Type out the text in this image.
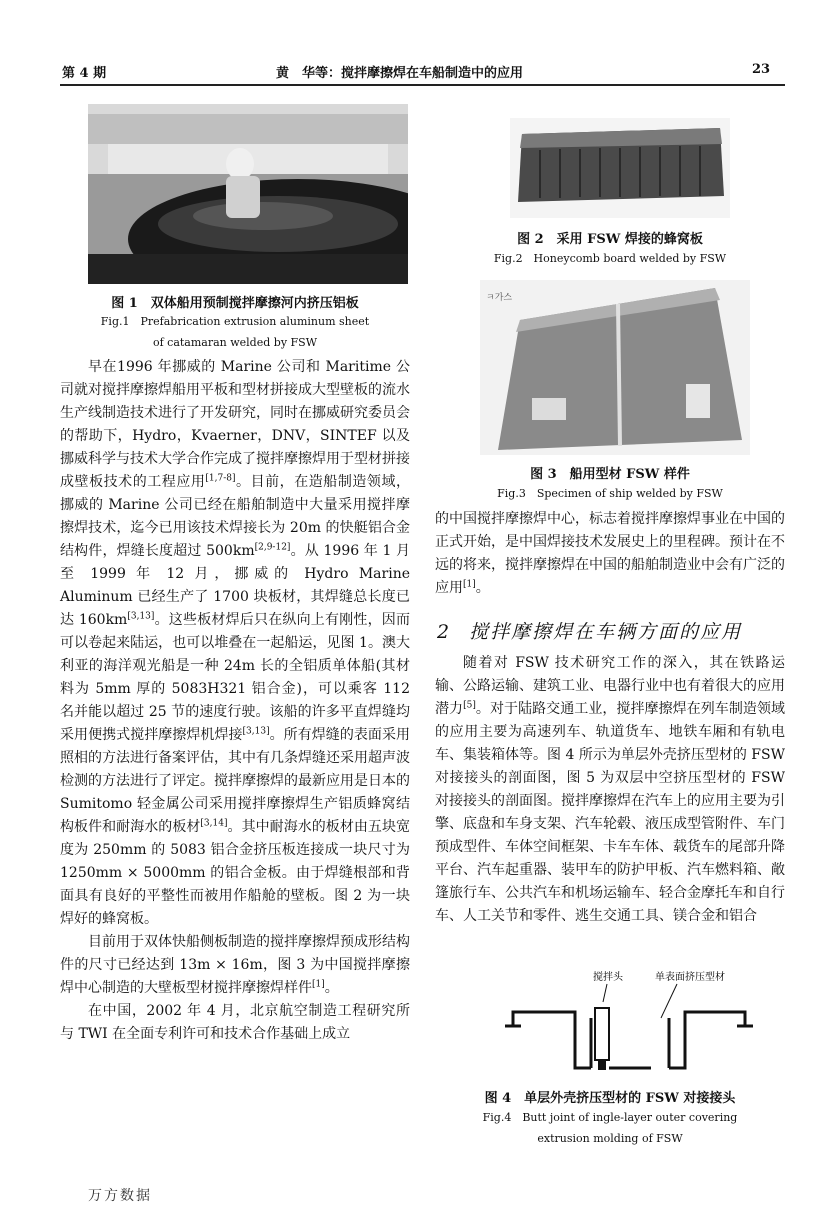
第 4 期	黄　华等：搅拌摩擦焊在车船制造中的应用	23
图 1　双体船用预制搅拌摩擦河内挤压铝板
Fig.1　Prefabrication extrusion aluminum sheet
of catamaran welded by FSW

早在1996 年挪威的 Marine 公司和 Maritime 公司就对搅拌摩擦焊船用平板和型材拼接成大型壁板的流水生产线制造技术进行了开发研究，同时在挪威研究委员会的帮助下，Hydro，Kvaerner，DNV，SINTEF 以及挪威科学与技术大学合作完成了搅拌摩擦焊用于型材拼接成壁板技术的工程应用[1,7-8]。目前，在造船制造领域，挪威的 Marine 公司已经在船舶制造中大量采用搅拌摩擦焊技术，迄今已用该技术焊接长为 20m 的快艇铝合金结构件，焊缝长度超过 500km[2,9-12]。从 1996 年 1 月至 1999 年 12 月，挪威的 Hydro Marine Aluminum 已经生产了 1700 块板材，其焊缝总长度已达 160km[3,13]。这些板材焊后只在纵向上有刚性，因而可以卷起来陆运，也可以堆叠在一起船运，见图 1。澳大利亚的海洋观光船是一种 24m 长的全铝质单体船(其材料为 5mm 厚的 5083H321 铝合金)，可以乘客 112 名并能以超过 25 节的速度行驶。该船的许多平直焊缝均采用便携式搅拌摩擦焊机焊接[3,13]。所有焊缝的表面采用照相的方法进行备案评估，其中有几条焊缝还采用超声波检测的方法进行了评定。搅拌摩擦焊的最新应用是日本的 Sumitomo 轻金属公司采用搅拌摩擦焊生产铝质蜂窝结构板件和耐海水的板材[3,14]。其中耐海水的板材由五块宽度为 250mm 的 5083 铝合金挤压板连接成一块尺寸为 1250mm × 5000mm 的铝合金板。由于焊缝根部和背面具有良好的平整性而被用作船舱的壁板。图 2 为一块焊好的蜂窝板。

目前用于双体快船侧板制造的搅拌摩擦焊预成形结构件的尺寸已经达到 13m × 16m，图 3 为中国搅拌摩擦焊中心制造的大壁板型材搅拌摩擦焊样件[1]。

在中国，2002 年 4 月，北京航空制造工程研究所与 TWI 在全面专利许可和技术合作基础上成立

图 2　采用 FSW 焊接的蜂窝板
Fig.2　Honeycomb board welded by FSW
ㅋ가스
图 3　船用型材 FSW 样件
Fig.3　Specimen of ship welded by FSW

的中国搅拌摩擦焊中心，标志着搅拌摩擦焊事业在中国的正式开始，是中国焊接技术发展史上的里程碑。预计在不远的将来，搅拌摩擦焊在中国的船舶制造业中会有广泛的应用[1]。

2 搅拌摩擦焊在车辆方面的应用

随着对 FSW 技术研究工作的深入，其在铁路运输、公路运输、建筑工业、电器行业中也有着很大的应用潜力[5]。对于陆路交通工业，搅拌摩擦焊在列车制造领域的应用主要为高速列车、轨道货车、地铁车厢和有轨电车、集装箱体等。图 4 所示为单层外壳挤压型材的 FSW 对接接头的剖面图，图 5 为双层中空挤压型材的 FSW 对接接头的剖面图。搅拌摩擦焊在汽车上的应用主要为引擎、底盘和车身支架、汽车轮毂、液压成型管附件、车门预成型件、车体空间框架、卡车车体、载货车的尾部升降平台、汽车起重器、装甲车的防护甲板、汽车燃料箱、敞篷旅行车、公共汽车和机场运输车、轻合金摩托车和自行车、人工关节和零件、逃生交通工具、镁合金和铝合

搅拌头	单表面挤压型材
图 4　单层外壳挤压型材的 FSW 对接接头
Fig.4　Butt joint of ingle-layer outer covering
extrusion molding of FSW
万方数据
